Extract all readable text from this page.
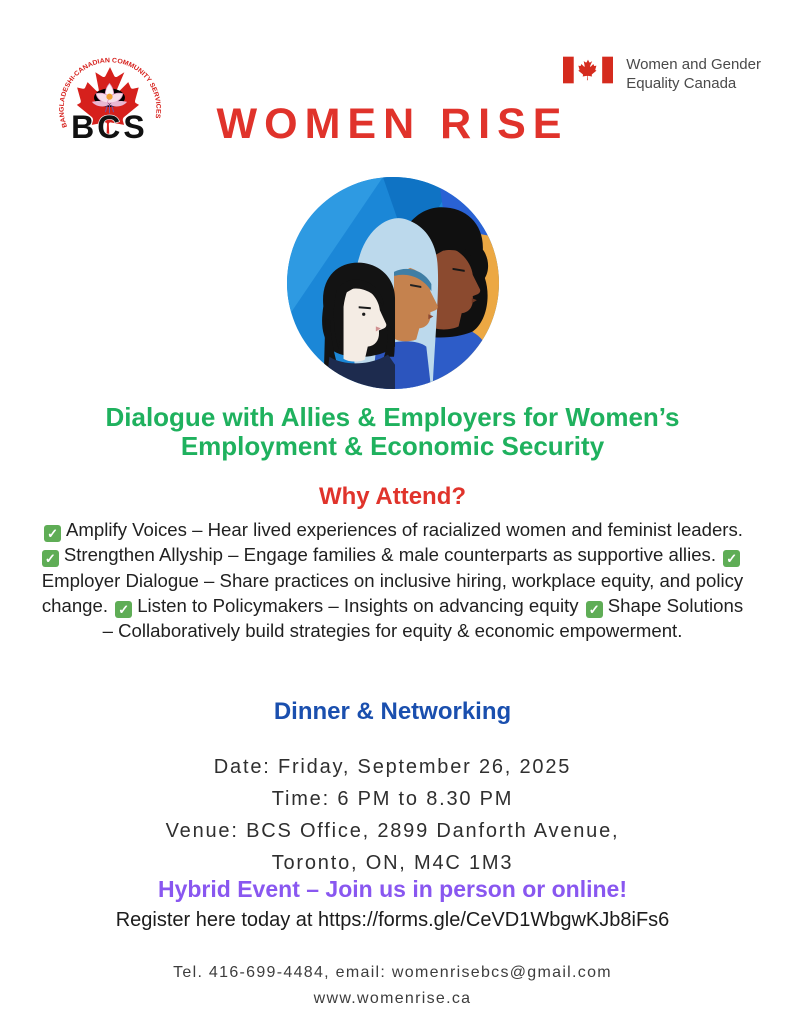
BANGLADESHI-CANADIAN COMMUNITY SERVICES
BCS
Women and Gender
Equality Canada
WOMEN RISE
Dialogue with Allies & Employers for Women’s Employment & Economic Security
Why Attend?
✓ Amplify Voices – Hear lived experiences of racialized women and feminist leaders. ✓ Strengthen Allyship – Engage families & male counterparts as supportive allies. ✓Employer Dialogue – Share practices on inclusive hiring, workplace equity, and policy change. ✓ Listen to Policymakers – Insights on advancing equity ✓ Shape Solutions – Collaboratively build strategies for equity & economic empowerment.
Dinner & Networking
Date: Friday, September 26, 2025
Time: 6 PM to 8.30 PM
Venue: BCS Office, 2899 Danforth Avenue,
Toronto, ON, M4C 1M3
Hybrid Event – Join us in person or online!
Register here today at https://forms.gle/CeVD1WbgwKJb8iFs6
Tel. 416-699-4484, email: womenrisebcs@gmail.com
www.womenrise.ca
